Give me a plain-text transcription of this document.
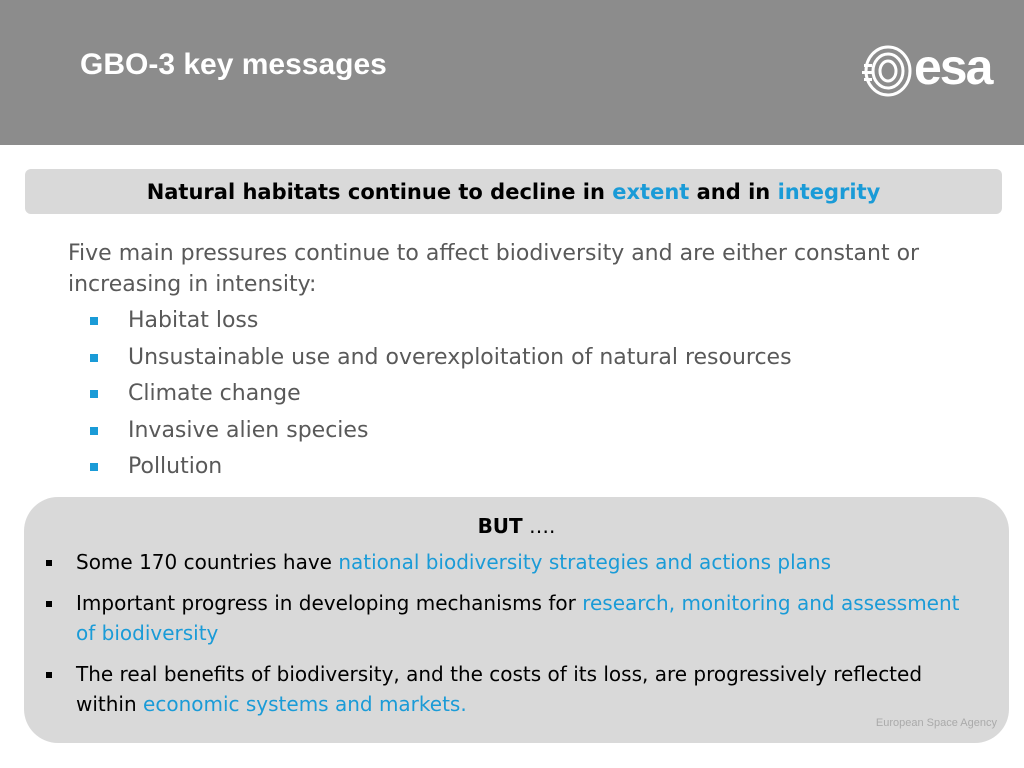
GBO-3 key messages	esa
Natural habitats continue to decline in extent and in integrity
Five main pressures continue to affect biodiversity and are either constant or increasing in intensity:
Habitat loss
Unsustainable use and overexploitation of natural resources
Climate change
Invasive alien species
Pollution
BUT ….
Some 170 countries have national biodiversity strategies and actions plans
Important progress in developing mechanisms for research, monitoring and assessment of biodiversity
The real benefits of biodiversity, and the costs of its loss, are progressively reflected within economic systems and markets.
European Space Agency
